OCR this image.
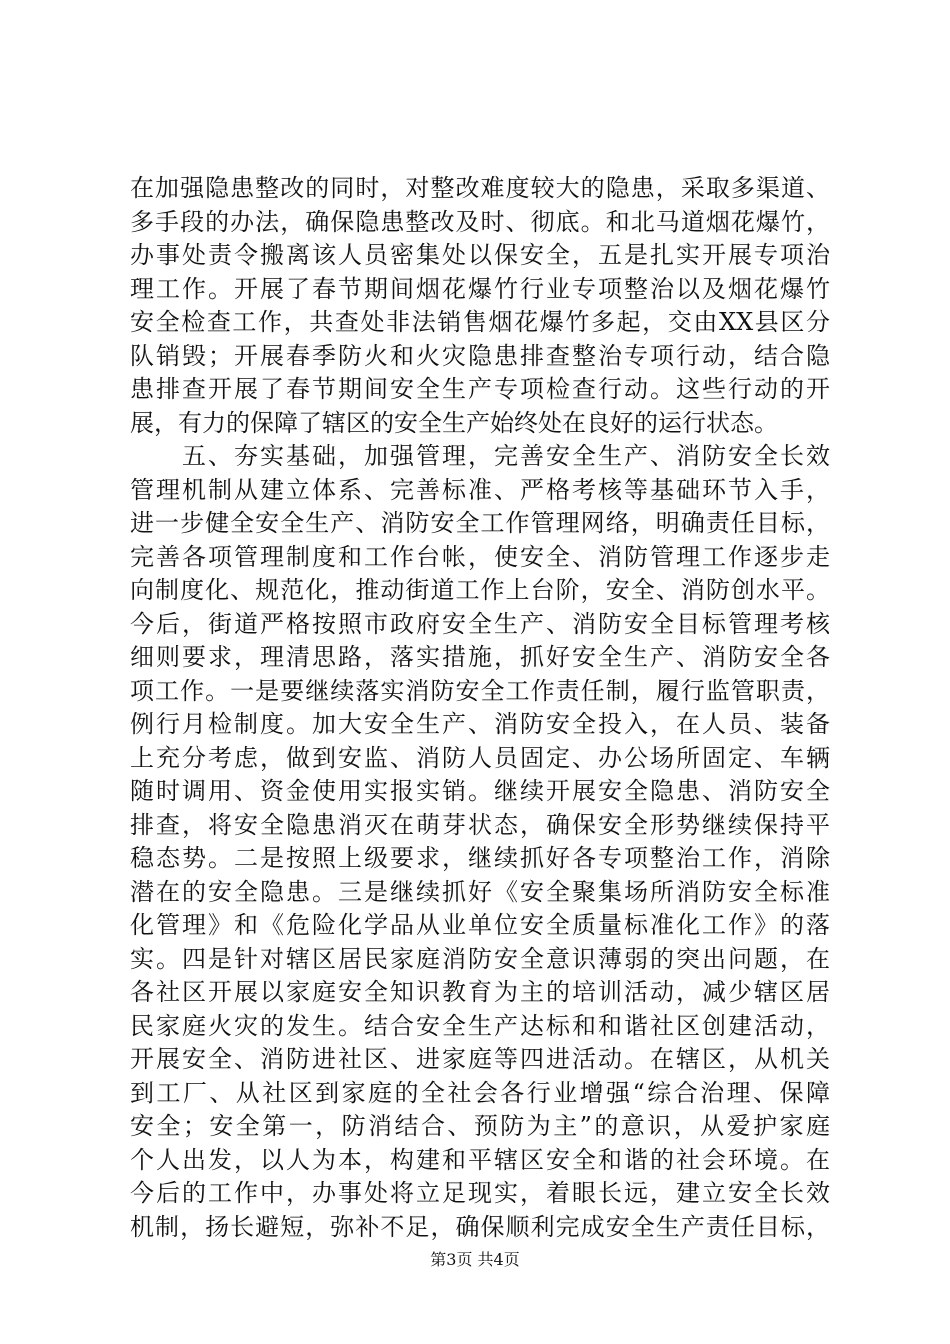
在加强隐患整改的同时，对整改难度较大的隐患，采取多渠道、
多手段的办法，确保隐患整改及时、彻底。和北马道烟花爆竹，
办事处责令搬离该人员密集处以保安全，五是扎实开展专项治
理工作。开展了春节期间烟花爆竹行业专项整治以及烟花爆竹
安全检查工作，共查处非法销售烟花爆竹多起，交由XX县区分
队销毁；开展春季防火和火灾隐患排查整治专项行动，结合隐
患排查开展了春节期间安全生产专项检查行动。这些行动的开
展，有力的保障了辖区的安全生产始终处在良好的运行状态。
　　五、夯实基础，加强管理，完善安全生产、消防安全长效
管理机制从建立体系、完善标准、严格考核等基础环节入手，
进一步健全安全生产、消防安全工作管理网络，明确责任目标，
完善各项管理制度和工作台帐，使安全、消防管理工作逐步走
向制度化、规范化，推动街道工作上台阶，安全、消防创水平。
今后，街道严格按照市政府安全生产、消防安全目标管理考核
细则要求，理清思路，落实措施，抓好安全生产、消防安全各
项工作。一是要继续落实消防安全工作责任制，履行监管职责，
例行月检制度。加大安全生产、消防安全投入，在人员、装备
上充分考虑，做到安监、消防人员固定、办公场所固定、车辆
随时调用、资金使用实报实销。继续开展安全隐患、消防安全
排查，将安全隐患消灭在萌芽状态，确保安全形势继续保持平
稳态势。二是按照上级要求，继续抓好各专项整治工作，消除
潜在的安全隐患。三是继续抓好《安全聚集场所消防安全标准
化管理》和《危险化学品从业单位安全质量标准化工作》的落
实。四是针对辖区居民家庭消防安全意识薄弱的突出问题，在
各社区开展以家庭安全知识教育为主的培训活动，减少辖区居
民家庭火灾的发生。结合安全生产达标和和谐社区创建活动，
开展安全、消防进社区、进家庭等四进活动。在辖区，从机关
到工厂、从社区到家庭的全社会各行业增强“综合治理、保障
安全；安全第一，防消结合、预防为主”的意识，从爱护家庭
个人出发，以人为本，构建和平辖区安全和谐的社会环境。在
今后的工作中，办事处将立足现实，着眼长远，建立安全长效
机制，扬长避短，弥补不足，确保顺利完成安全生产责任目标，
第3页 共4页
